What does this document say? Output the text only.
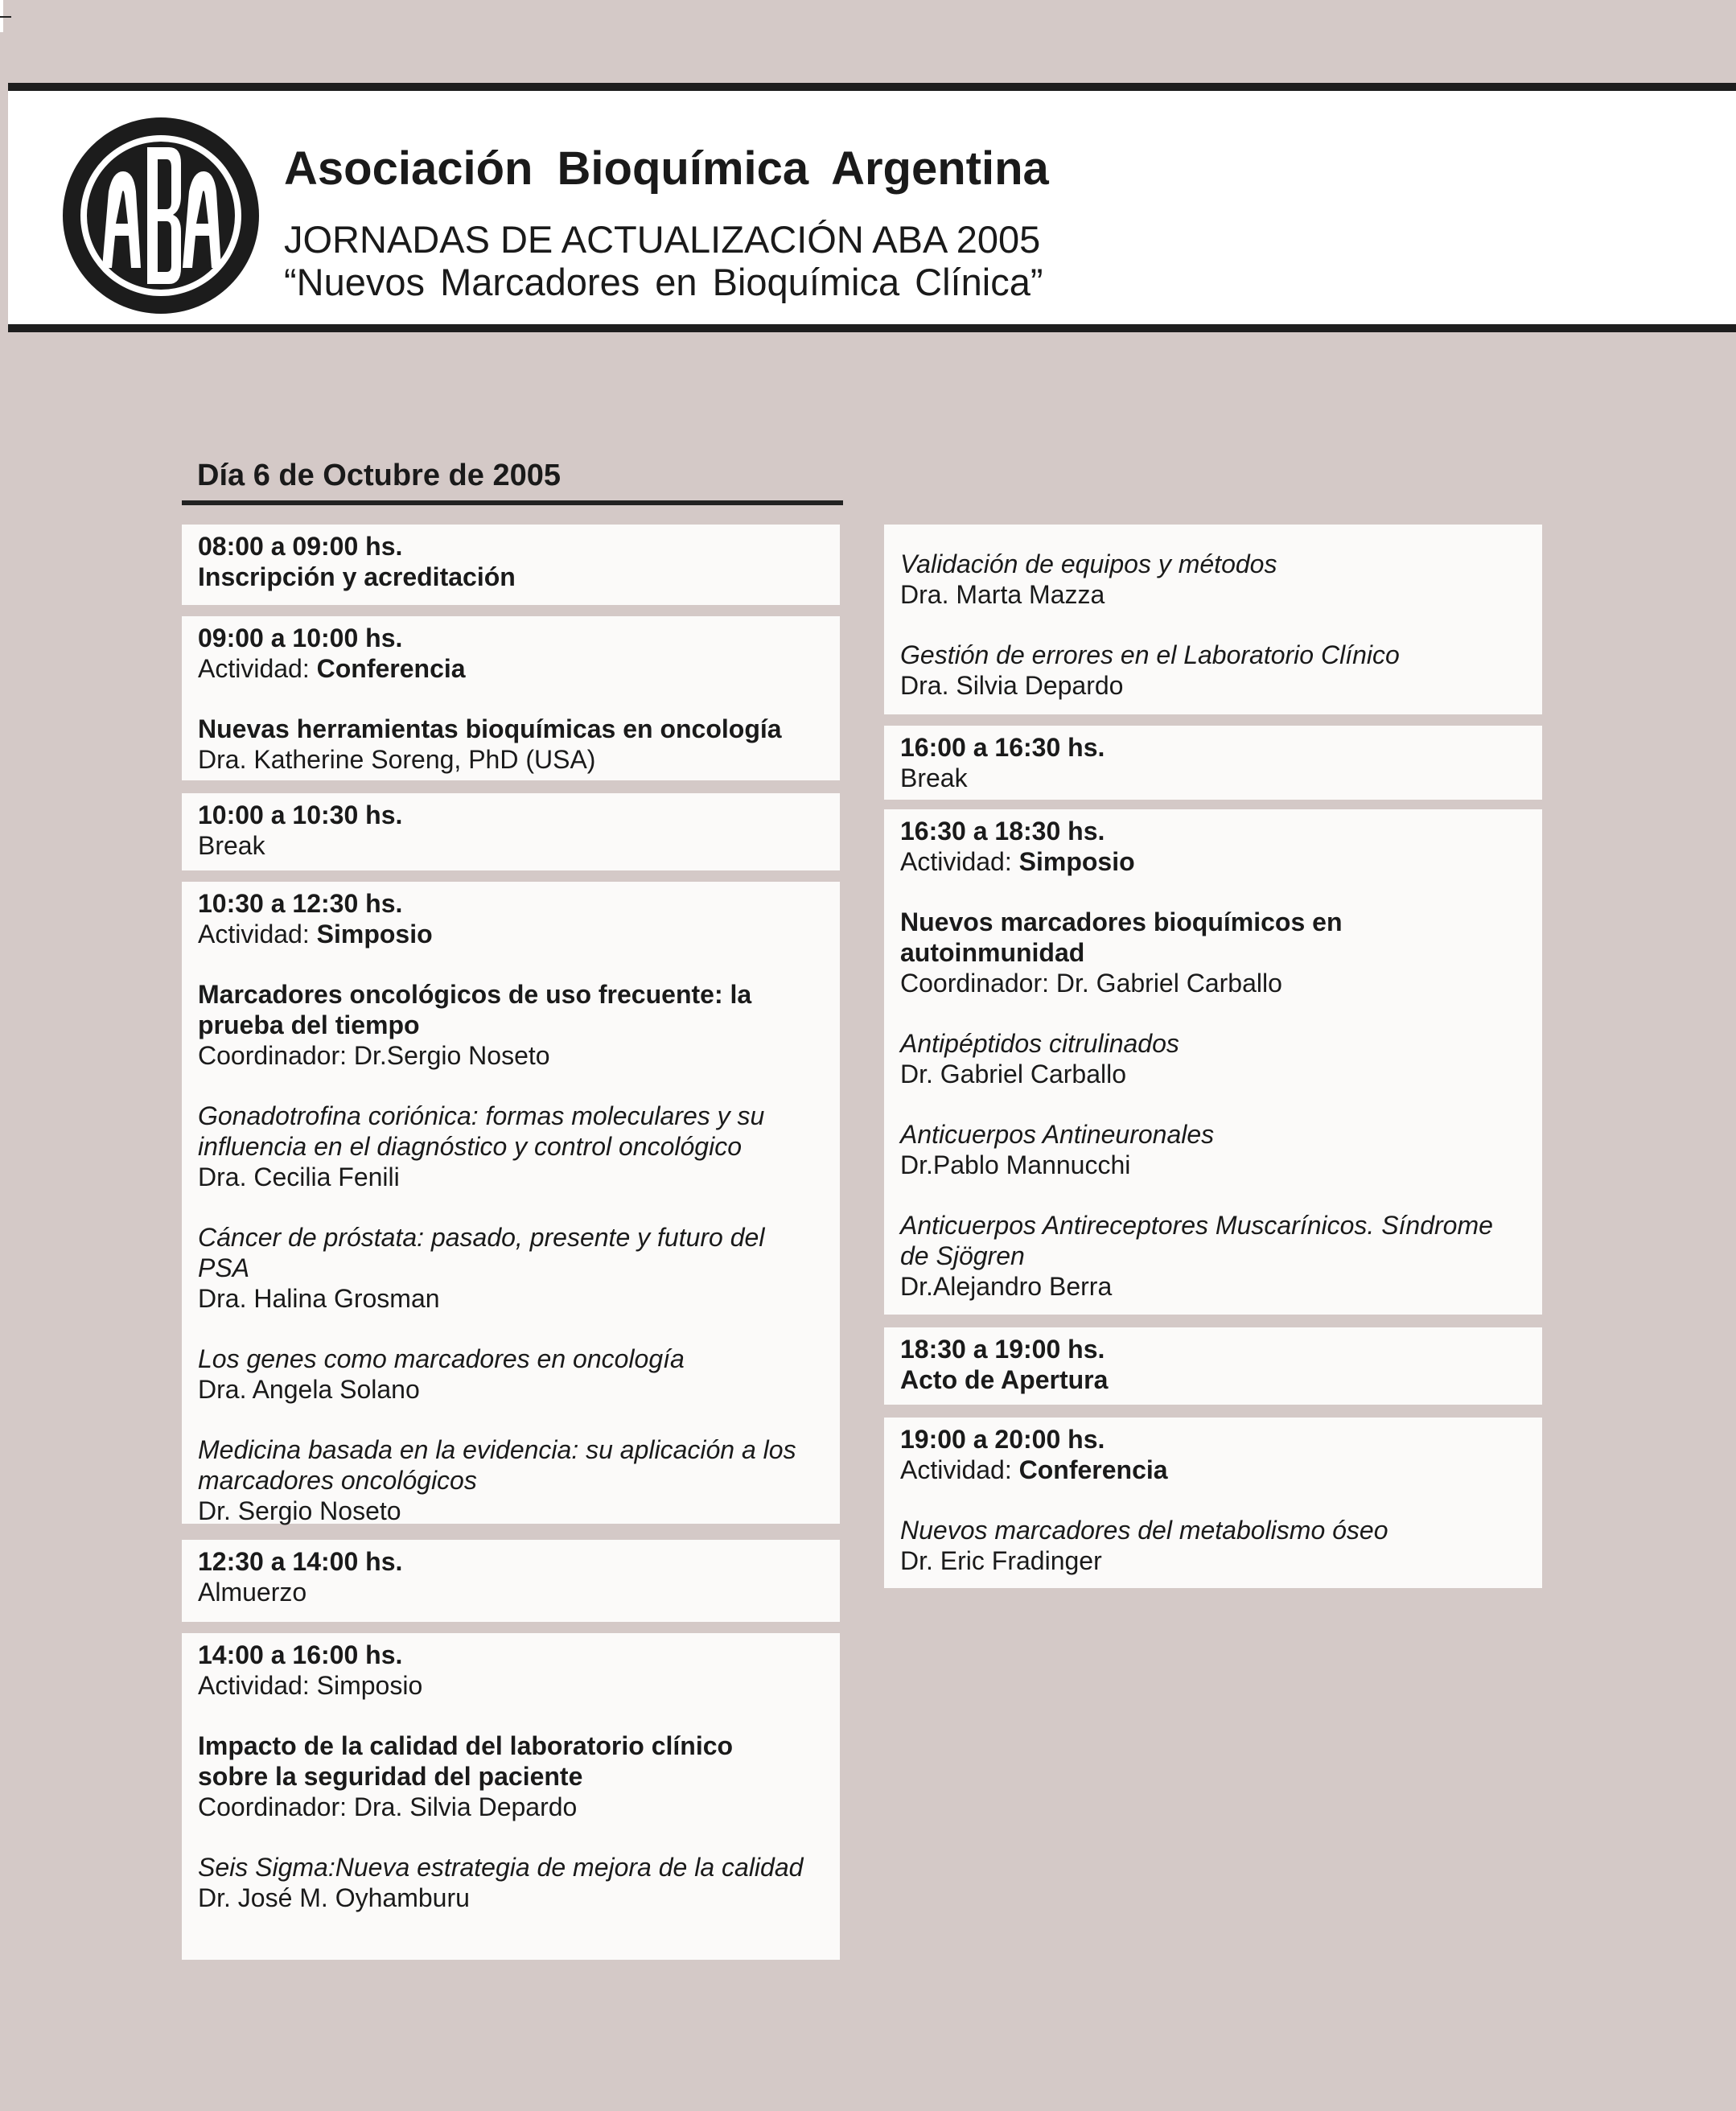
Asociación Bioquímica Argentina
JORNADAS DE ACTUALIZACIÓN ABA 2005
“Nuevos Marcadores en Bioquímica Clínica”
Día 6 de Octubre de 2005
08:00 a 09:00 hs.
Inscripción y acreditación
09:00 a 10:00 hs.
Actividad: Conferencia
Nuevas herramientas bioquímicas en oncología
Dra. Katherine Soreng, PhD (USA)
10:00 a 10:30 hs.
Break
10:30 a 12:30 hs.
Actividad: Simposio
Marcadores oncológicos de uso frecuente: la
prueba del tiempo
Coordinador: Dr.Sergio Noseto
Gonadotrofina coriónica: formas moleculares y su
influencia en el diagnóstico y control oncológico
Dra. Cecilia Fenili
Cáncer de próstata: pasado, presente y futuro del
PSA
Dra. Halina Grosman
Los genes como marcadores en oncología
Dra. Angela Solano
Medicina basada en la evidencia: su aplicación a los
marcadores oncológicos
Dr. Sergio Noseto
12:30 a 14:00 hs.
Almuerzo
14:00 a 16:00 hs.
Actividad: Simposio
Impacto de la calidad del laboratorio clínico
sobre la seguridad del paciente
Coordinador: Dra. Silvia Depardo
Seis Sigma:Nueva estrategia de mejora de la calidad
Dr. José M. Oyhamburu
Validación de equipos y métodos
Dra. Marta Mazza
Gestión de errores en el Laboratorio Clínico
Dra. Silvia Depardo
16:00 a 16:30 hs.
Break
16:30 a 18:30 hs.
Actividad: Simposio
Nuevos marcadores bioquímicos en
autoinmunidad
Coordinador: Dr. Gabriel Carballo
Antipéptidos citrulinados
Dr. Gabriel Carballo
Anticuerpos Antineuronales
Dr.Pablo Mannucchi
Anticuerpos Antireceptores Muscarínicos. Síndrome
de Sjögren
Dr.Alejandro Berra
18:30 a 19:00 hs.
Acto de Apertura
19:00 a 20:00 hs.
Actividad: Conferencia
Nuevos marcadores del metabolismo óseo
Dr. Eric Fradinger
